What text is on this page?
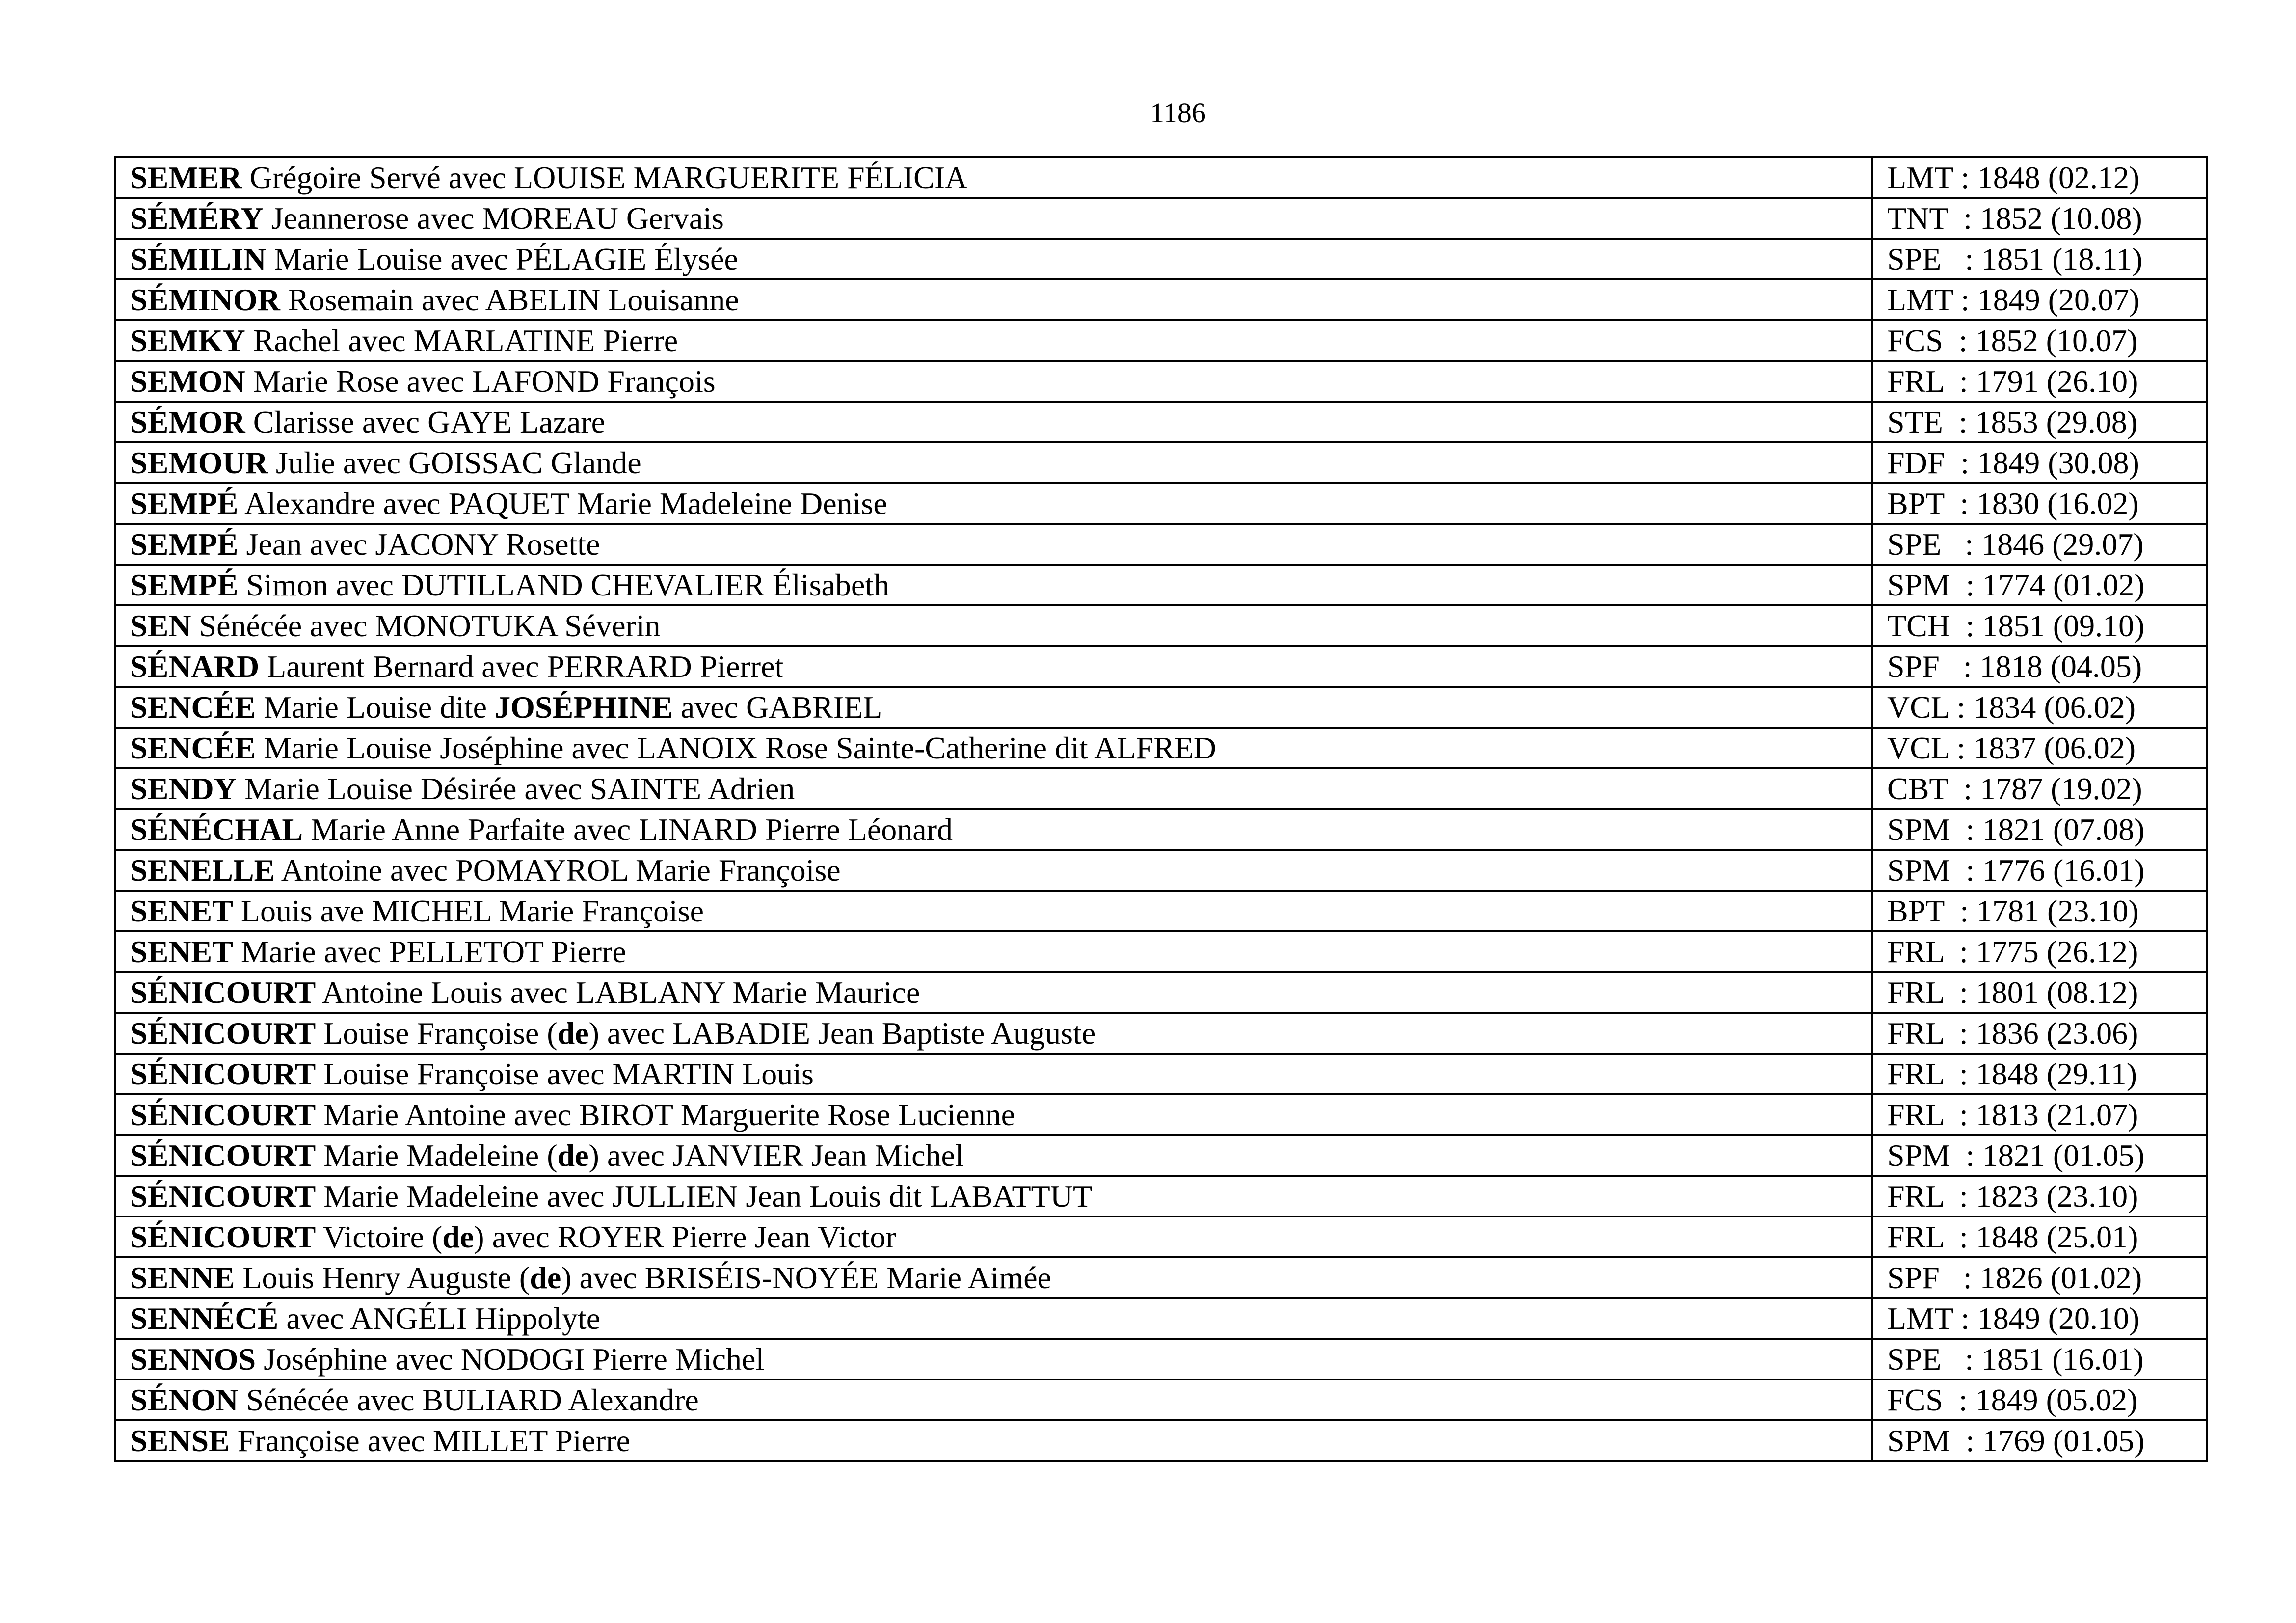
1186
SEMER Grégoire Servé avec LOUISE MARGUERITE FÉLICIA	LMT : 1848 (02.12)
SÉMÉRY Jeannerose avec MOREAU Gervais	TNT  : 1852 (10.08)
SÉMILIN Marie Louise avec PÉLAGIE Élysée	SPE   : 1851 (18.11)
SÉMINOR Rosemain avec ABELIN Louisanne	LMT : 1849 (20.07)
SEMKY Rachel avec MARLATINE Pierre	FCS  : 1852 (10.07)
SEMON Marie Rose avec LAFOND François	FRL  : 1791 (26.10)
SÉMOR Clarisse avec GAYE Lazare	STE  : 1853 (29.08)
SEMOUR Julie avec GOISSAC Glande	FDF  : 1849 (30.08)
SEMPÉ Alexandre avec PAQUET Marie Madeleine Denise	BPT  : 1830 (16.02)
SEMPÉ Jean avec JACONY Rosette	SPE   : 1846 (29.07)
SEMPÉ Simon avec DUTILLAND CHEVALIER Élisabeth	SPM  : 1774 (01.02)
SEN Sénécée avec MONOTUKA Séverin	TCH  : 1851 (09.10)
SÉNARD Laurent Bernard avec PERRARD Pierret	SPF   : 1818 (04.05)
SENCÉE Marie Louise dite JOSÉPHINE avec GABRIEL	VCL : 1834 (06.02)
SENCÉE Marie Louise Joséphine avec LANOIX Rose Sainte-Catherine dit ALFRED	VCL : 1837 (06.02)
SENDY Marie Louise Désirée avec SAINTE Adrien	CBT  : 1787 (19.02)
SÉNÉCHAL Marie Anne Parfaite avec LINARD Pierre Léonard	SPM  : 1821 (07.08)
SENELLE Antoine avec POMAYROL Marie Françoise	SPM  : 1776 (16.01)
SENET Louis ave MICHEL Marie Françoise	BPT  : 1781 (23.10)
SENET Marie avec PELLETOT Pierre	FRL  : 1775 (26.12)
SÉNICOURT Antoine Louis avec LABLANY Marie Maurice	FRL  : 1801 (08.12)
SÉNICOURT Louise Françoise (de) avec LABADIE Jean Baptiste Auguste	FRL  : 1836 (23.06)
SÉNICOURT Louise Françoise avec MARTIN Louis	FRL  : 1848 (29.11)
SÉNICOURT Marie Antoine avec BIROT Marguerite Rose Lucienne	FRL  : 1813 (21.07)
SÉNICOURT Marie Madeleine (de) avec JANVIER Jean Michel	SPM  : 1821 (01.05)
SÉNICOURT Marie Madeleine avec JULLIEN Jean Louis dit LABATTUT	FRL  : 1823 (23.10)
SÉNICOURT Victoire (de) avec ROYER Pierre Jean Victor	FRL  : 1848 (25.01)
SENNE Louis Henry Auguste (de) avec BRISÉIS-NOYÉE Marie Aimée	SPF   : 1826 (01.02)
SENNÉCÉ avec ANGÉLI Hippolyte	LMT : 1849 (20.10)
SENNOS Joséphine avec NODOGI Pierre Michel	SPE   : 1851 (16.01)
SÉNON Sénécée avec BULIARD Alexandre	FCS  : 1849 (05.02)
SENSE Françoise avec MILLET Pierre	SPM  : 1769 (01.05)
